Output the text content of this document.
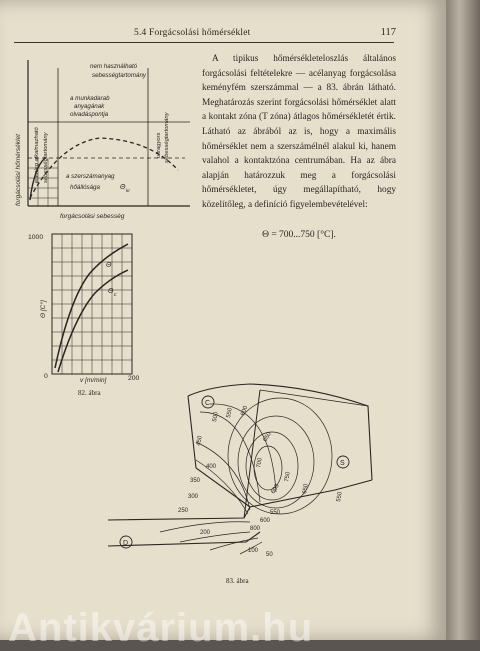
5.4 Forgácsolási hőmérséklet	117

A tipikus hőmérsékleteloszlás általános forgácsolási feltételekre — acélanyag forgácsolása keményfém szerszámmal — a 83. ábrán látható. Meghatározás szerint forgácsolási hőmérséklet alatt a kontakt zóna (T zóna) átlagos hőmérsékletét értik. Látható az ábrából az is, hogy a maximális hőmérséklet nem a szerszámélnél alakul ki, hanem valahol a kontaktzóna centrumában. Ha az ábra alapján határozzuk meg a forgácsolási hőmérsékletet, úgy megállapítható, hogy közelítőleg, a definíció figyelembevételével:

Θ = 700...750 [°C].
forgácsolási hőmérséklet jelenleg alkalmazható sebességtartomány
nem használható
sebességtartomány
a munkadarab
anyagának
olvadáspontja
ultragyors sebességtartomány
a szerszámanyag
hőállósága	Θ
kr
forgácsolási sebesség
1000
0	200
Θ [C°]
v [m/min]
Θ
Θ c
82. ábra
C
S
D
450
500 550 600
650
700
750
650
600
550
400
350
300
250
200
100
50
800
600
550
83. ábra
Antikvárium.hu
